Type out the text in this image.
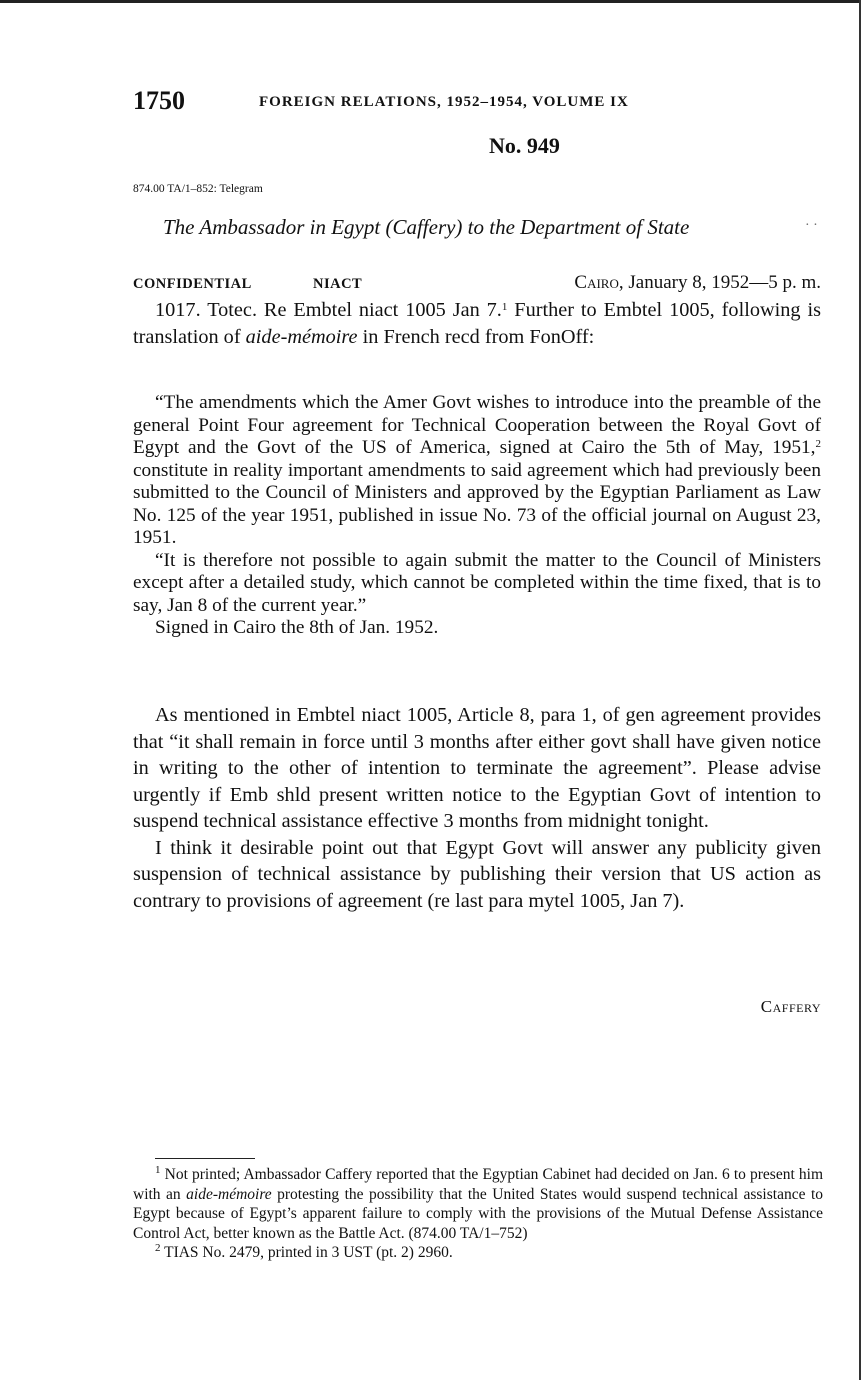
1750	FOREIGN RELATIONS, 1952–1954, VOLUME IX
No. 949
874.00 TA/1–852: Telegram
The Ambassador in Egypt (Caffery) to the Department of State	· ·
CONFIDENTIAL	NIACT	Cairo, January 8, 1952—5 p. m.

1017. Totec. Re Embtel niact 1005 Jan 7.$^1$ Further to Embtel 1005, following is translation of aide-mémoire in French recd from FonOff:

“The amendments which the Amer Govt wishes to introduce into the preamble of the general Point Four agreement for Technical Cooperation between the Royal Govt of Egypt and the Govt of the US of America, signed at Cairo the 5th of May, 1951,$^2$ constitute in reality important amendments to said agreement which had previously been submitted to the Council of Ministers and approved by the Egyptian Parliament as Law No. 125 of the year 1951, published in issue No. 73 of the official journal on August 23, 1951.

“It is therefore not possible to again submit the matter to the Council of Ministers except after a detailed study, which cannot be completed within the time fixed, that is to say, Jan 8 of the current year.”

Signed in Cairo the 8th of Jan. 1952.

As mentioned in Embtel niact 1005, Article 8, para 1, of gen agreement provides that “it shall remain in force until 3 months after either govt shall have given notice in writing to the other of intention to terminate the agreement”. Please advise urgently if Emb shld present written notice to the Egyptian Govt of intention to suspend technical assistance effective 3 months from midnight tonight.

I think it desirable point out that Egypt Govt will answer any publicity given suspension of technical assistance by publishing their version that US action as contrary to provisions of agreement (re last para mytel 1005, Jan 7).

Caffery

$^1$ Not printed; Ambassador Caffery reported that the Egyptian Cabinet had decided on Jan. 6 to present him with an aide-mémoire protesting the possibility that the United States would suspend technical assistance to Egypt because of Egypt’s apparent failure to comply with the provisions of the Mutual Defense Assistance Control Act, better known as the Battle Act. (874.00 TA/1–752)

$^2$ TIAS No. 2479, printed in 3 UST (pt. 2) 2960.
